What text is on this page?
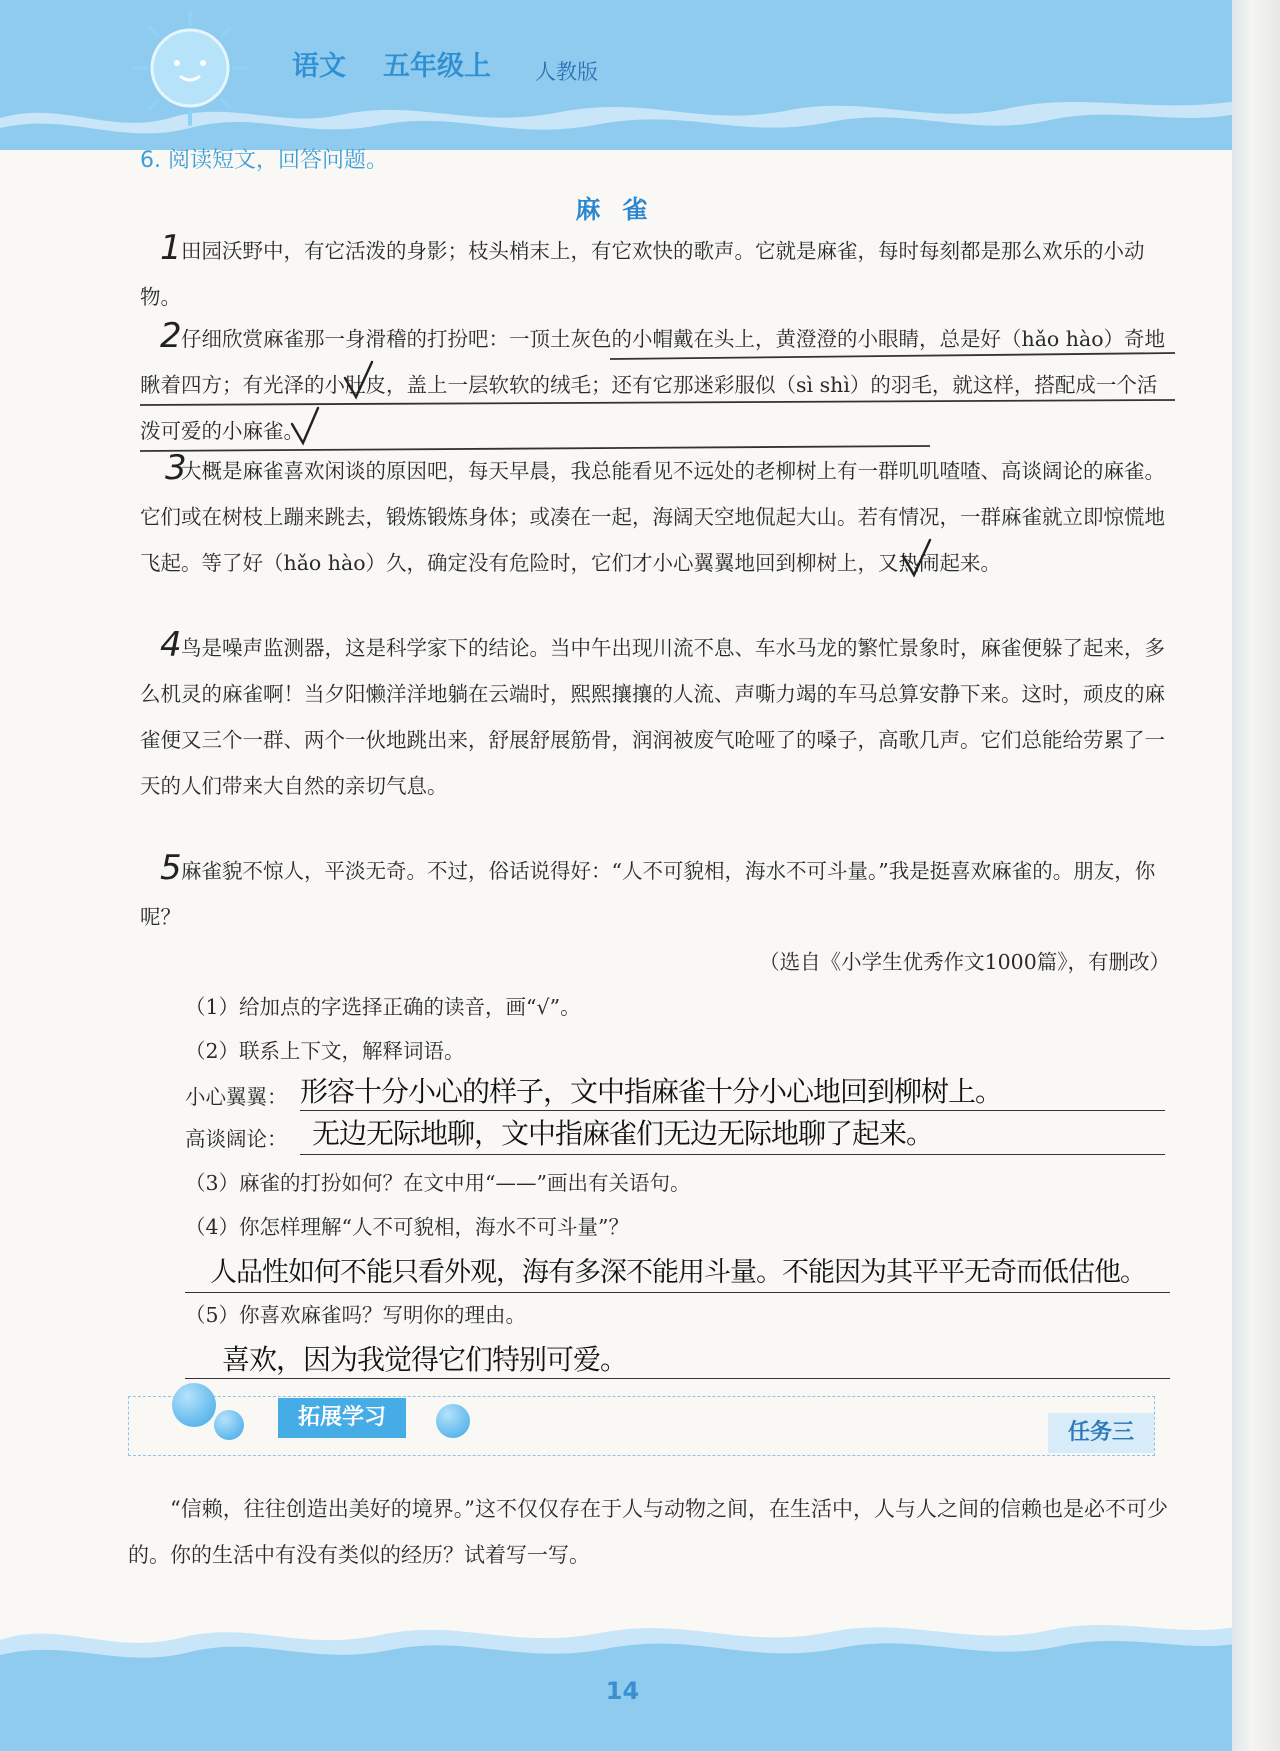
语文 五年级上 人教版
6. 阅读短文，回答问题。
麻雀
1
2
3
4
5
田园沃野中，有它活泼的身影；枝头梢末上，有它欢快的歌声。它就是麻雀，每时每刻都是那么欢乐的小动物。
仔细欣赏麻雀那一身滑稽的打扮吧：一顶土灰色的小帽戴在头上，黄澄澄的小眼睛，总是好（hǎo hào）奇地瞅着四方；有光泽的小肚皮，盖上一层软软的绒毛；还有它那迷彩服似（sì shì）的羽毛，就这样，搭配成一个活泼可爱的小麻雀。
大概是麻雀喜欢闲谈的原因吧，每天早晨，我总能看见不远处的老柳树上有一群叽叽喳喳、高谈阔论的麻雀。它们或在树枝上蹦来跳去，锻炼锻炼身体；或凑在一起，海阔天空地侃起大山。若有情况，一群麻雀就立即惊慌地飞起。等了好（hǎo hào）久，确定没有危险时，它们才小心翼翼地回到柳树上，又热闹起来。
鸟是噪声监测器，这是科学家下的结论。当中午出现川流不息、车水马龙的繁忙景象时，麻雀便躲了起来，多么机灵的麻雀啊！当夕阳懒洋洋地躺在云端时，熙熙攘攘的人流、声嘶力竭的车马总算安静下来。这时，顽皮的麻雀便又三个一群、两个一伙地跳出来，舒展舒展筋骨，润润被废气呛哑了的嗓子，高歌几声。它们总能给劳累了一天的人们带来大自然的亲切气息。
麻雀貌不惊人，平淡无奇。不过，俗话说得好：“人不可貌相，海水不可斗量。”我是挺喜欢麻雀的。朋友，你呢？
（选自《小学生优秀作文1000篇》，有删改）
（1）给加点的字选择正确的读音，画“√”。
（2）联系上下文，解释词语。
小心翼翼： 形容十分小心的样子，文中指麻雀十分小心地回到柳树上。
高谈阔论： 无边无际地聊，文中指麻雀们无边无际地聊了起来。
（3）麻雀的打扮如何？在文中用“——”画出有关语句。
（4）你怎样理解“人不可貌相，海水不可斗量”？
人品性如何不能只看外观，海有多深不能用斗量。不能因为其平平无奇而低估他。
（5）你喜欢麻雀吗？写明你的理由。
喜欢，因为我觉得它们特别可爱。
拓展学习
任务三
“信赖，往往创造出美好的境界。”这不仅仅存在于人与动物之间，在生活中，人与人之间的信赖也是必不可少的。你的生活中有没有类似的经历？试着写一写。
14
